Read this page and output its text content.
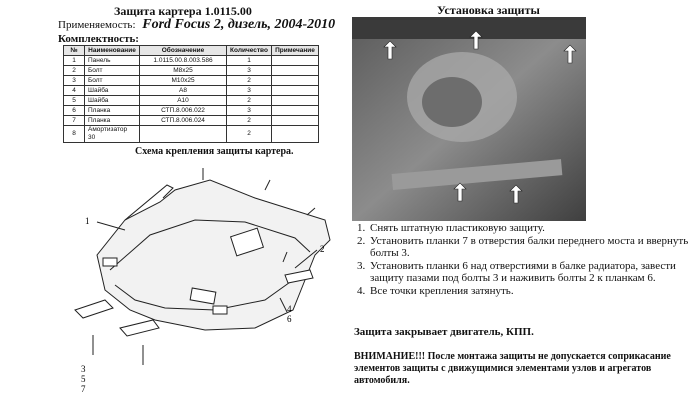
Защита картера 1.0115.00
Применяемость: Ford Focus 2, дизель, 2004-2010
Комплектность:
№	Наименование	Обозначение	Количество	Примечание
1	Панель	1.0115.00.8.003.586	1	
2	Болт	М8х25	3	
3	Болт	М10х25	2	
4	Шайба	А8	3	
5	Шайба	А10	2	
6	Планка	СТП.8.006.022	3	
7	Планка	СТП.8.006.024	2	
8	Амортизатор 30		2	
Схема крепления защиты картера.
1
2
4
6
3
5
7
Установка защиты
1. Снять штатную пластиковую защиту.
2. Установить планки 7 в отверстия балки переднего моста и ввернуть болты 3.
3. Установить планки 6 над отверстиями в балке радиатора, завести защиту пазами под болты 3 и наживить болты 2 к планкам 6.
4. Все точки крепления затянуть.
Защита закрывает двигатель, КПП.
ВНИМАНИЕ!!! После монтажа защиты не допускается соприкасание элементов защиты с движущимися элементами узлов и агрегатов автомобиля.
